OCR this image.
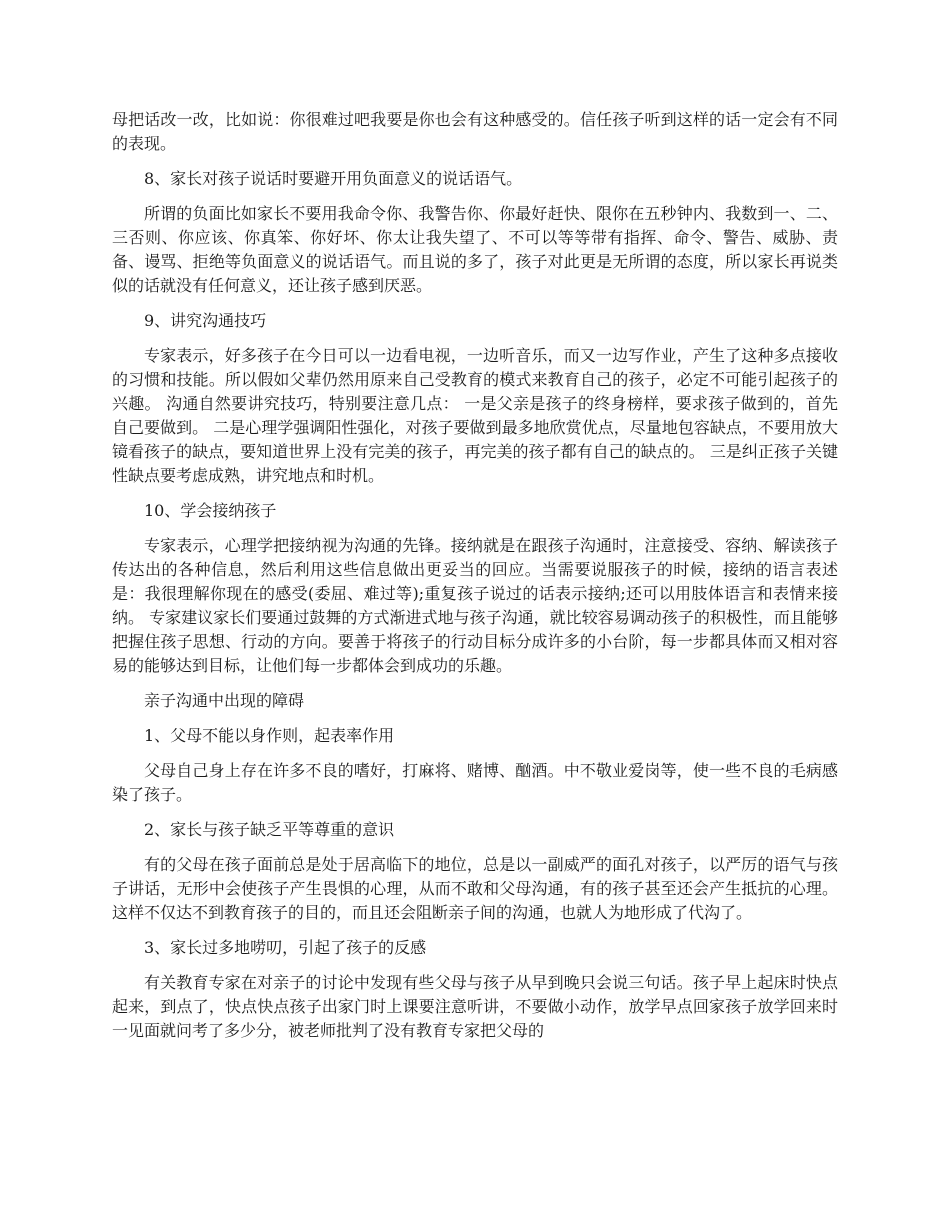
母把话改一改，比如说：你很难过吧我要是你也会有这种感受的。信任孩子听到这样的话一定会有不同的表现。

8、家长对孩子说话时要避开用负面意义的说话语气。

所谓的负面比如家长不要用我命令你、我警告你、你最好赶快、限你在五秒钟内、我数到一、二、三否则、你应该、你真笨、你好坏、你太让我失望了、不可以等等带有指挥、命令、警告、威胁、责备、谩骂、拒绝等负面意义的说话语气。而且说的多了，孩子对此更是无所谓的态度，所以家长再说类似的话就没有任何意义，还让孩子感到厌恶。

9、讲究沟通技巧

专家表示，好多孩子在今日可以一边看电视，一边听音乐，而又一边写作业，产生了这种多点接收的习惯和技能。所以假如父辈仍然用原来自己受教育的模式来教育自己的孩子，必定不可能引起孩子的兴趣。 沟通自然要讲究技巧，特别要注意几点： 一是父亲是孩子的终身榜样，要求孩子做到的，首先自己要做到。 二是心理学强调阳性强化，对孩子要做到最多地欣赏优点，尽量地包容缺点，不要用放大镜看孩子的缺点，要知道世界上没有完美的孩子，再完美的孩子都有自己的缺点的。 三是纠正孩子关键性缺点要考虑成熟，讲究地点和时机。

10、学会接纳孩子

专家表示，心理学把接纳视为沟通的先锋。接纳就是在跟孩子沟通时，注意接受、容纳、解读孩子传达出的各种信息，然后利用这些信息做出更妥当的回应。当需要说服孩子的时候，接纳的语言表述是：我很理解你现在的感受(委屈、难过等);重复孩子说过的话表示接纳;还可以用肢体语言和表情来接纳。 专家建议家长们要通过鼓舞的方式渐进式地与孩子沟通，就比较容易调动孩子的积极性，而且能够把握住孩子思想、行动的方向。要善于将孩子的行动目标分成许多的小台阶，每一步都具体而又相对容易的能够达到目标，让他们每一步都体会到成功的乐趣。

亲子沟通中出现的障碍

1、父母不能以身作则，起表率作用

父母自己身上存在许多不良的嗜好，打麻将、赌博、酗酒。中不敬业爱岗等，使一些不良的毛病感染了孩子。

2、家长与孩子缺乏平等尊重的意识

有的父母在孩子面前总是处于居高临下的地位，总是以一副威严的面孔对孩子，以严厉的语气与孩子讲话，无形中会使孩子产生畏惧的心理，从而不敢和父母沟通，有的孩子甚至还会产生抵抗的心理。这样不仅达不到教育孩子的目的，而且还会阻断亲子间的沟通，也就人为地形成了代沟了。

3、家长过多地唠叨，引起了孩子的反感

有关教育专家在对亲子的讨论中发现有些父母与孩子从早到晚只会说三句话。孩子早上起床时快点起来，到点了，快点快点孩子出家门时上课要注意听讲，不要做小动作，放学早点回家孩子放学回来时一见面就问考了多少分，被老师批判了没有教育专家把父母的
